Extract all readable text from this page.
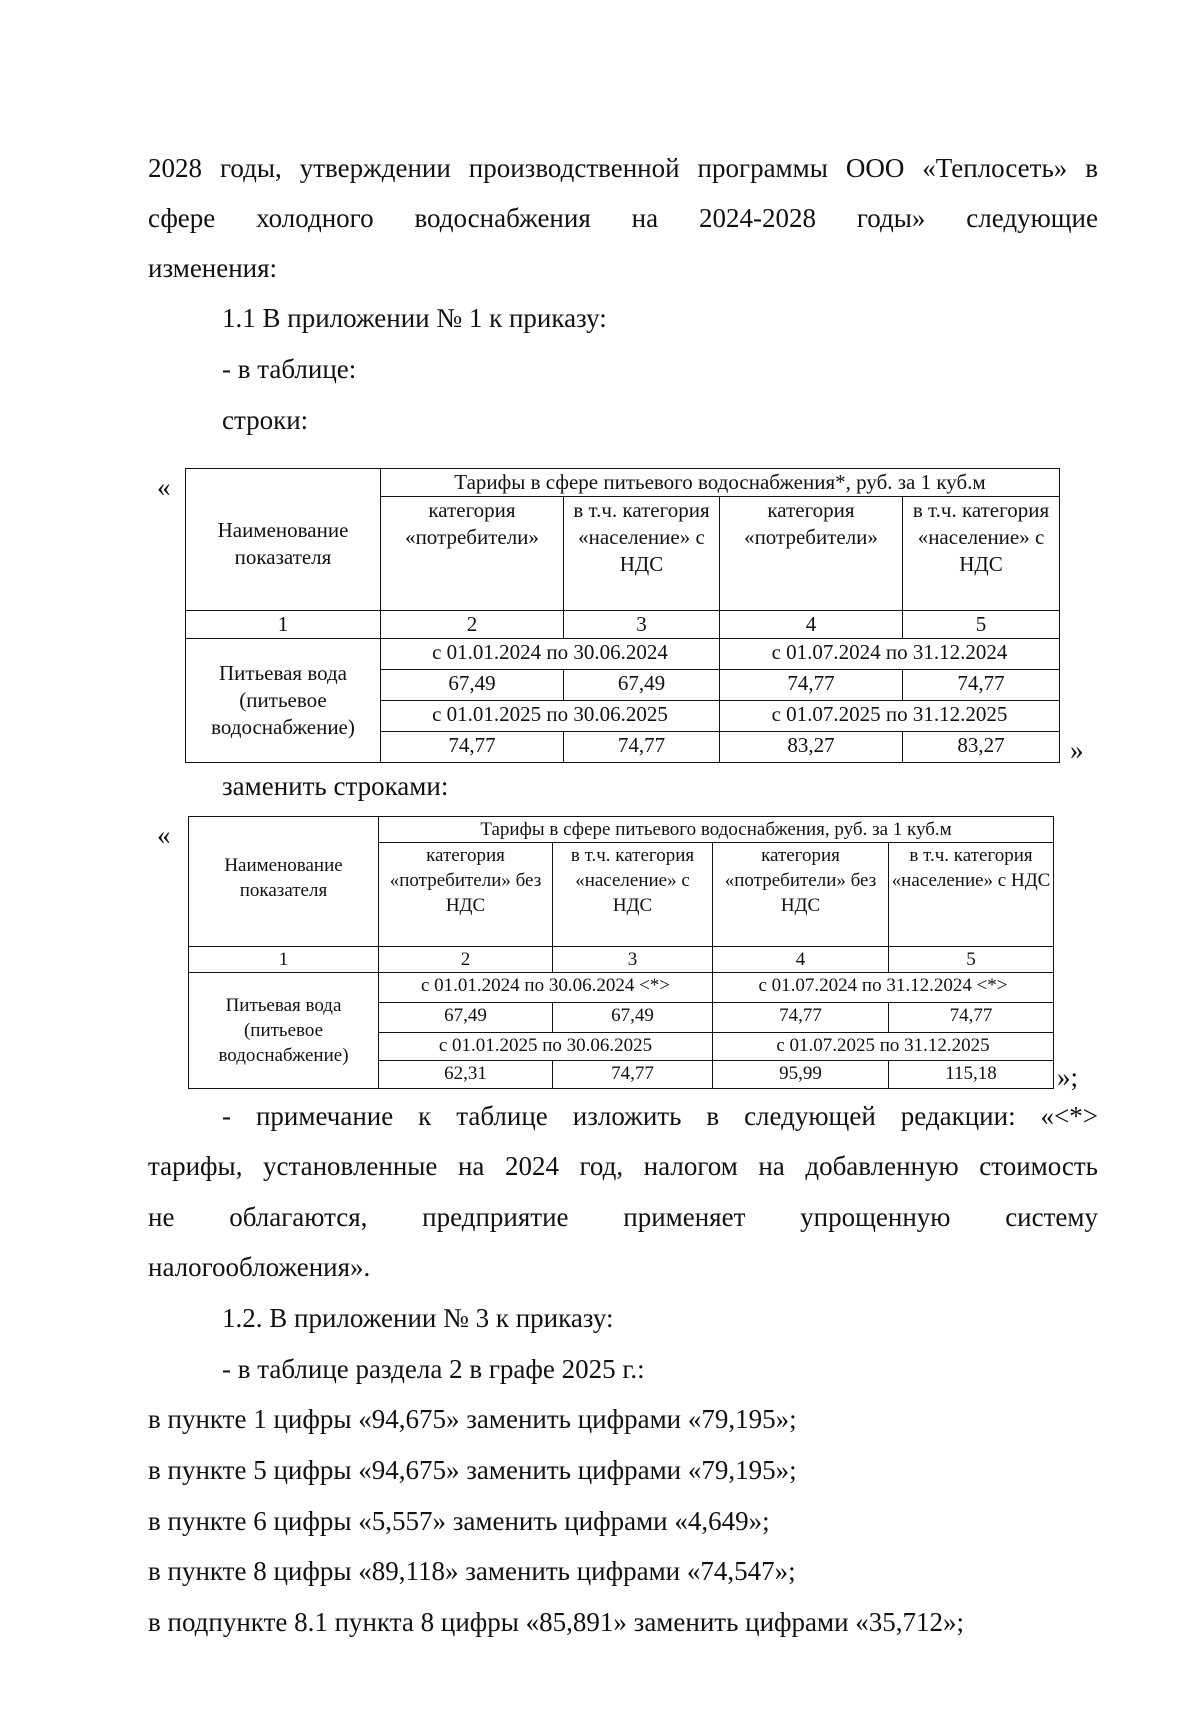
2028 годы, утверждении производственной программы ООО «Теплосеть» в
сфере холодного водоснабжения на 2024-2028 годы» следующие
изменения:
1.1 В приложении № 1 к приказу:
- в таблице:
строки:
«
Наименование показателя	Тарифы в сфере питьевого водоснабжения*, руб. за 1 куб.м			
	категория «потребители»	в т.ч. категория «население» с НДС	категория «потребители»	в т.ч. категория «население» с НДС
1	2	3	4	5
Питьевая вода (питьевое водоснабжение)	с 01.01.2024 по 30.06.2024		с 01.07.2024 по 31.12.2024	
	67,49	67,49	74,77	74,77
	с 01.01.2025 по 30.06.2025		с 01.07.2025 по 31.12.2025	
	74,77	74,77	83,27	83,27 »
заменить строками:
«
Наименование показателя	Тарифы в сфере питьевого водоснабжения, руб. за 1 куб.м			
	категория «потребители» без НДС	в т.ч. категория «население» с НДС	категория «потребители» без НДС	в т.ч. категория «население» с НДС
1	2	3	4	5
Питьевая вода (питьевое водоснабжение)	с 01.01.2024 по 30.06.2024 <*>		с 01.07.2024 по 31.12.2024 <*>	
	67,49	67,49	74,77	74,77
	с 01.01.2025 по 30.06.2025		с 01.07.2025 по 31.12.2025	
	62,31	74,77	95,99	115,18 »;
- примечание к таблице изложить в следующей редакции: «<*>
тарифы, установленные на 2024 год, налогом на добавленную стоимость
не облагаются, предприятие применяет упрощенную систему
налогообложения».
1.2. В приложении № 3 к приказу:
- в таблице раздела 2 в графе 2025 г.:
в пункте 1 цифры «94,675» заменить цифрами «79,195»;
в пункте 5 цифры «94,675» заменить цифрами «79,195»;
в пункте 6 цифры «5,557» заменить цифрами «4,649»;
в пункте 8 цифры «89,118» заменить цифрами «74,547»;
в подпункте 8.1 пункта 8 цифры «85,891» заменить цифрами «35,712»;
